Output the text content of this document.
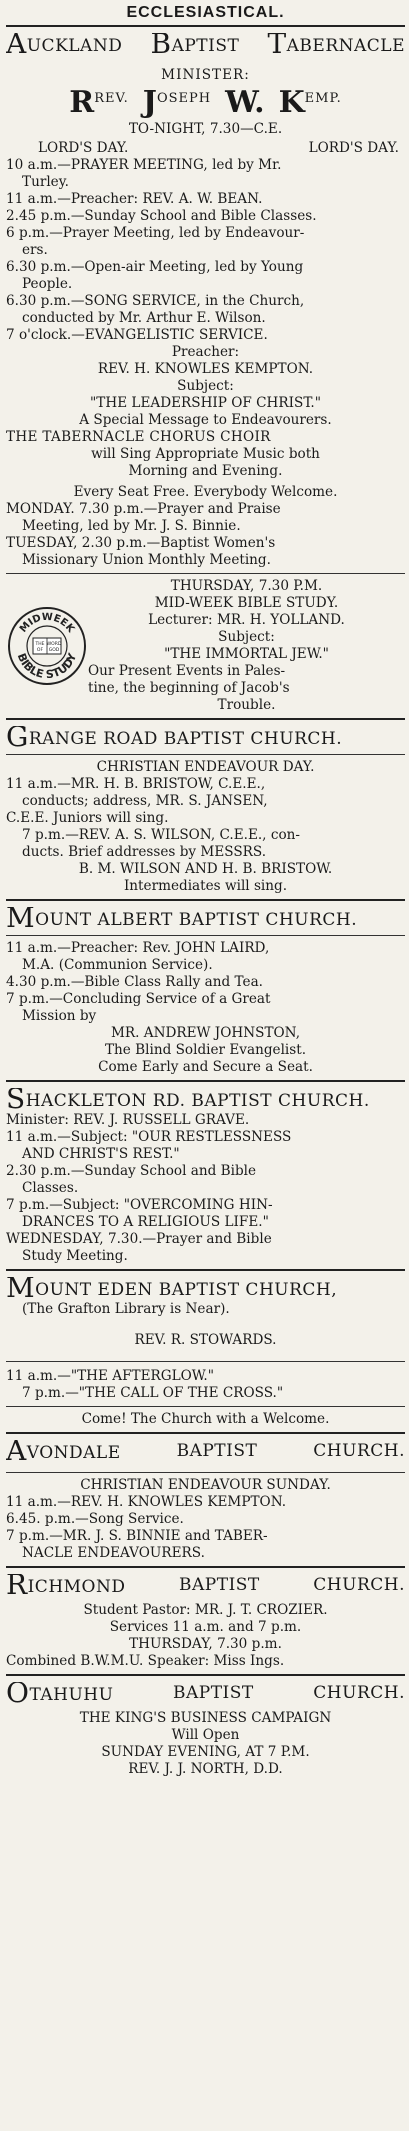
ECCLESIASTICAL.
AUCKLAND BAPTIST TABERNACLE
MINISTER:
$R^{REV.}$ $J^{OSEPH}$ W. $K^{EMP.}$
TO-NIGHT, 7.30—C.E.
LORD'S DAY.	LORD'S DAY.
10 a.m.—PRAYER MEETING, led by Mr.
Turley.
11 a.m.—Preacher: REV. A. W. BEAN.
2.45 p.m.—Sunday School and Bible Classes.
6 p.m.—Prayer Meeting, led by Endeavour-
ers.
6.30 p.m.—Open-air Meeting, led by Young
People.
6.30 p.m.—SONG SERVICE, in the Church,
conducted by Mr. Arthur E. Wilson.
7 o'clock.—EVANGELISTIC SERVICE.
Preacher:
REV. H. KNOWLES KEMPTON.
Subject:
"THE LEADERSHIP OF CHRIST."
A Special Message to Endeavourers.
THE TABERNACLE CHORUS CHOIR
will Sing Appropriate Music both
Morning and Evening.
Every Seat Free. Everybody Welcome.
MONDAY. 7.30 p.m.—Prayer and Praise
Meeting, led by Mr. J. S. Binnie.
TUESDAY, 2.30 p.m.—Baptist Women's
Missionary Union Monthly Meeting.
MIDWEEK
BIBLE STUDY
THE WORD
OF GOD
THURSDAY, 7.30 P.M.
MID-WEEK BIBLE STUDY.
Lecturer: MR. H. YOLLAND.
Subject:
"THE IMMORTAL JEW."
Our Present Events in Pales-
tine, the beginning of Jacob's
Trouble.
GRANGE ROAD BAPTIST CHURCH.
CHRISTIAN ENDEAVOUR DAY.
11 a.m.—MR. H. B. BRISTOW, C.E.E.,
conducts; address, MR. S. JANSEN,
C.E.E. Juniors will sing.
7 p.m.—REV. A. S. WILSON, C.E.E., con-
ducts. Brief addresses by MESSRS.
B. M. WILSON AND H. B. BRISTOW.
Intermediates will sing.
MOUNT ALBERT BAPTIST CHURCH.
11 a.m.—Preacher: Rev. JOHN LAIRD,
M.A. (Communion Service).
4.30 p.m.—Bible Class Rally and Tea.
7 p.m.—Concluding Service of a Great
Mission by
MR. ANDREW JOHNSTON,
The Blind Soldier Evangelist.
Come Early and Secure a Seat.
SHACKLETON RD. BAPTIST CHURCH.
Minister: REV. J. RUSSELL GRAVE.
11 a.m.—Subject: "OUR RESTLESSNESS
AND CHRIST'S REST."
2.30 p.m.—Sunday School and Bible
Classes.
7 p.m.—Subject: "OVERCOMING HIN-
DRANCES TO A RELIGIOUS LIFE."
WEDNESDAY, 7.30.—Prayer and Bible
Study Meeting.
MOUNT EDEN BAPTIST CHURCH,
(The Grafton Library is Near).
REV. R. STOWARDS.
11 a.m.—"THE AFTERGLOW."
7 p.m.—"THE CALL OF THE CROSS."
Come! The Church with a Welcome.
AVONDALE	BAPTIST	CHURCH.
CHRISTIAN ENDEAVOUR SUNDAY.
11 a.m.—REV. H. KNOWLES KEMPTON.
6.45. p.m.—Song Service.
7 p.m.—MR. J. S. BINNIE and TABER-
NACLE ENDEAVOURERS.
RICHMOND	BAPTIST	CHURCH.
Student Pastor: MR. J. T. CROZIER.
Services 11 a.m. and 7 p.m.
THURSDAY, 7.30 p.m.
Combined B.W.M.U. Speaker: Miss Ings.
OTAHUHU	BAPTIST	CHURCH.
THE KING'S BUSINESS CAMPAIGN
Will Open
SUNDAY EVENING, AT 7 P.M.
REV. J. J. NORTH, D.D.
